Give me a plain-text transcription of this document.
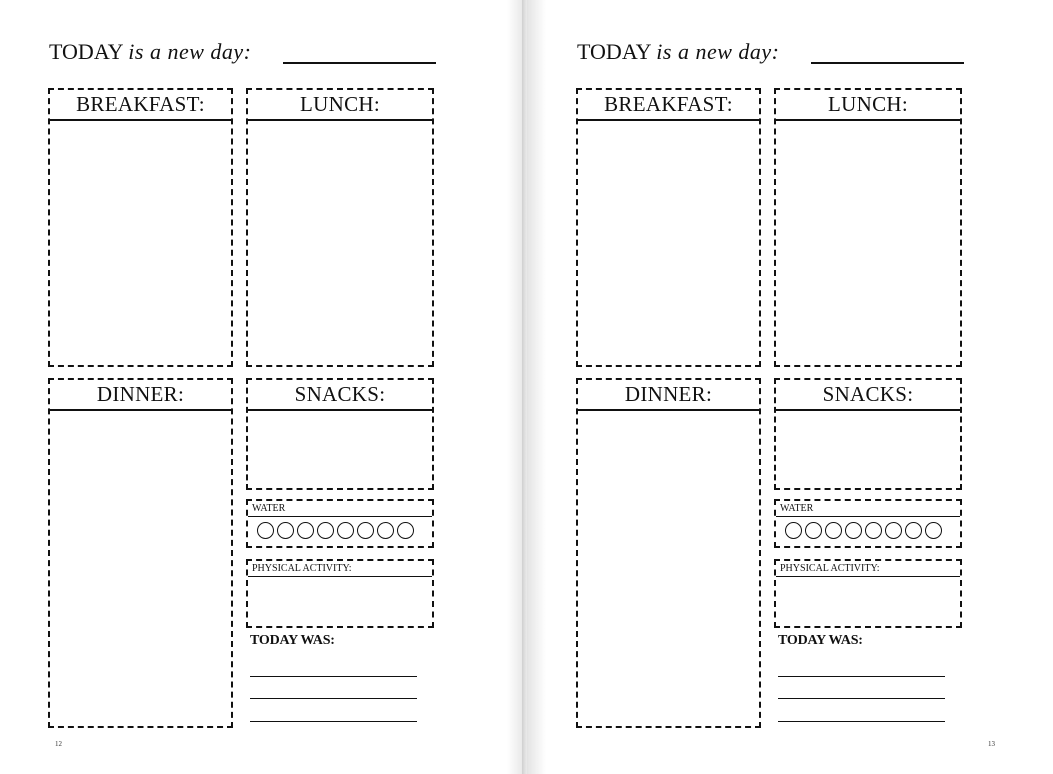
TODAY is a new day:
BREAKFAST:	LUNCH:
DINNER:	SNACKS:
WATER
PHYSICAL ACTIVITY:
TODAY WAS:
12
TODAY is a new day:
BREAKFAST:	LUNCH:
DINNER:	SNACKS:
WATER
PHYSICAL ACTIVITY:
TODAY WAS:
13
